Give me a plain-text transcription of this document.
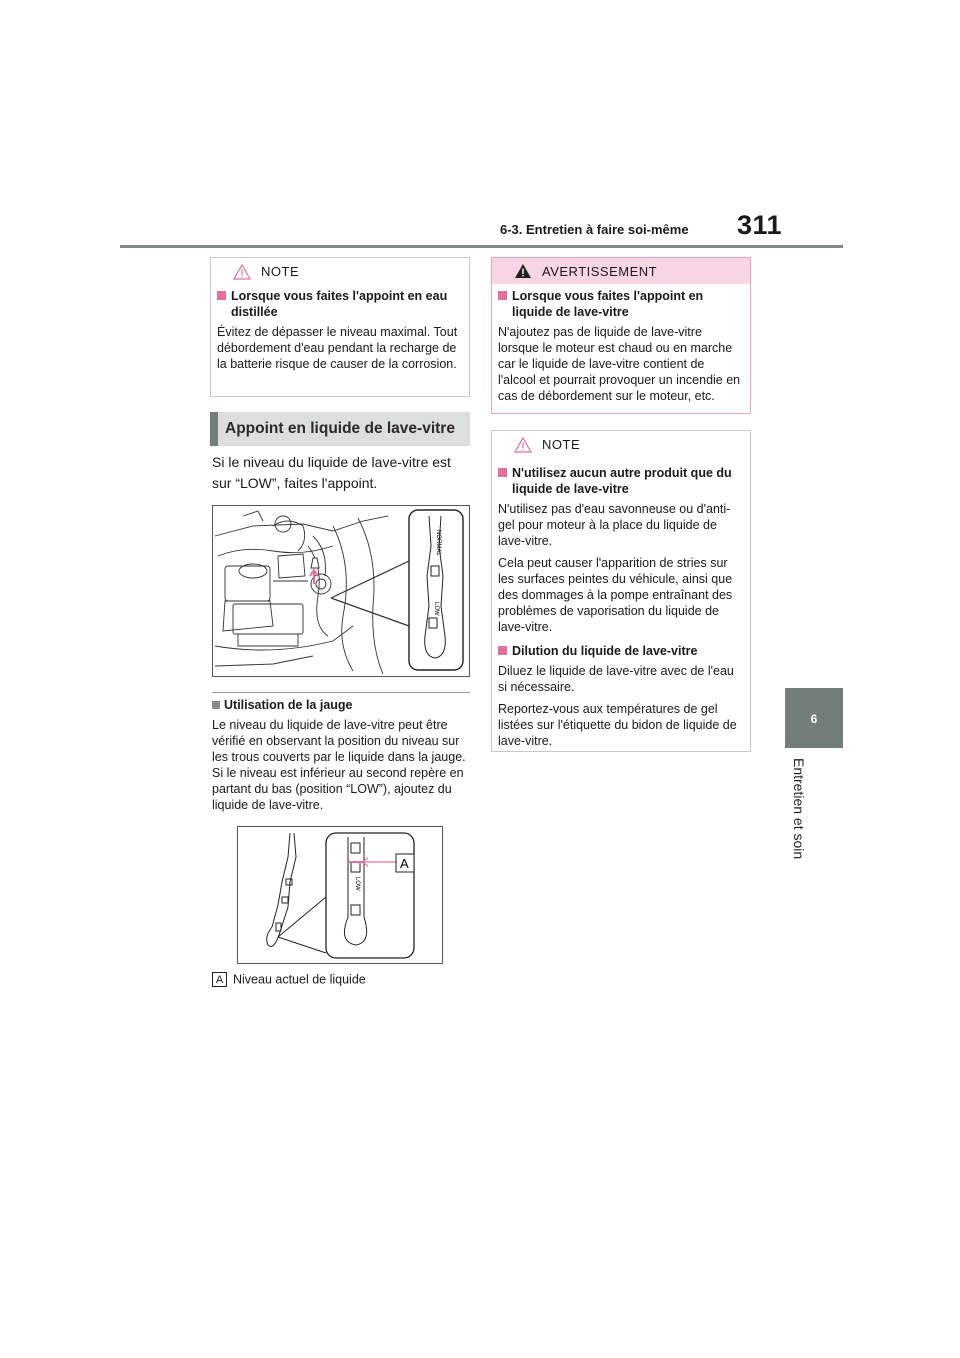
6-3. Entretien à faire soi-même 311
6
Entretien et soin
NOTE
Lorsque vous faites l'appoint en eau distillée

Évitez de dépasser le niveau maximal. Tout débordement d'eau pendant la recharge de la batterie risque de causer de la corrosion.

Appoint en liquide de lave-vitre
Si le niveau du liquide de lave-vitre est sur “LOW”, faites l'appoint.
NORMAL
LOW
Utilisation de la jauge
Le niveau du liquide de lave-vitre peut être vérifié en observant la position du niveau sur les trous couverts par le liquide dans la jauge. Si le niveau est inférieur au second repère en partant du bas (position “LOW”), ajoutez du liquide de lave-vitre.
A
LOW
A Niveau actuel de liquide
AVERTISSEMENT
Lorsque vous faites l'appoint en liquide de lave-vitre

N'ajoutez pas de liquide de lave-vitre lorsque le moteur est chaud ou en marche car le liquide de lave-vitre contient de l'alcool et pourrait provoquer un incendie en cas de débordement sur le moteur, etc.

NOTE
N'utilisez aucun autre produit que du liquide de lave-vitre

N'utilisez pas d'eau savonneuse ou d'anti-gel pour moteur à la place du liquide de lave-vitre.

Cela peut causer l'apparition de stries sur les surfaces peintes du véhicule, ainsi que des dommages à la pompe entraînant des problèmes de vaporisation du liquide de lave-vitre.

Dilution du liquide de lave-vitre

Diluez le liquide de lave-vitre avec de l'eau si nécessaire.

Reportez-vous aux températures de gel listées sur l'étiquette du bidon de liquide de lave-vitre.
